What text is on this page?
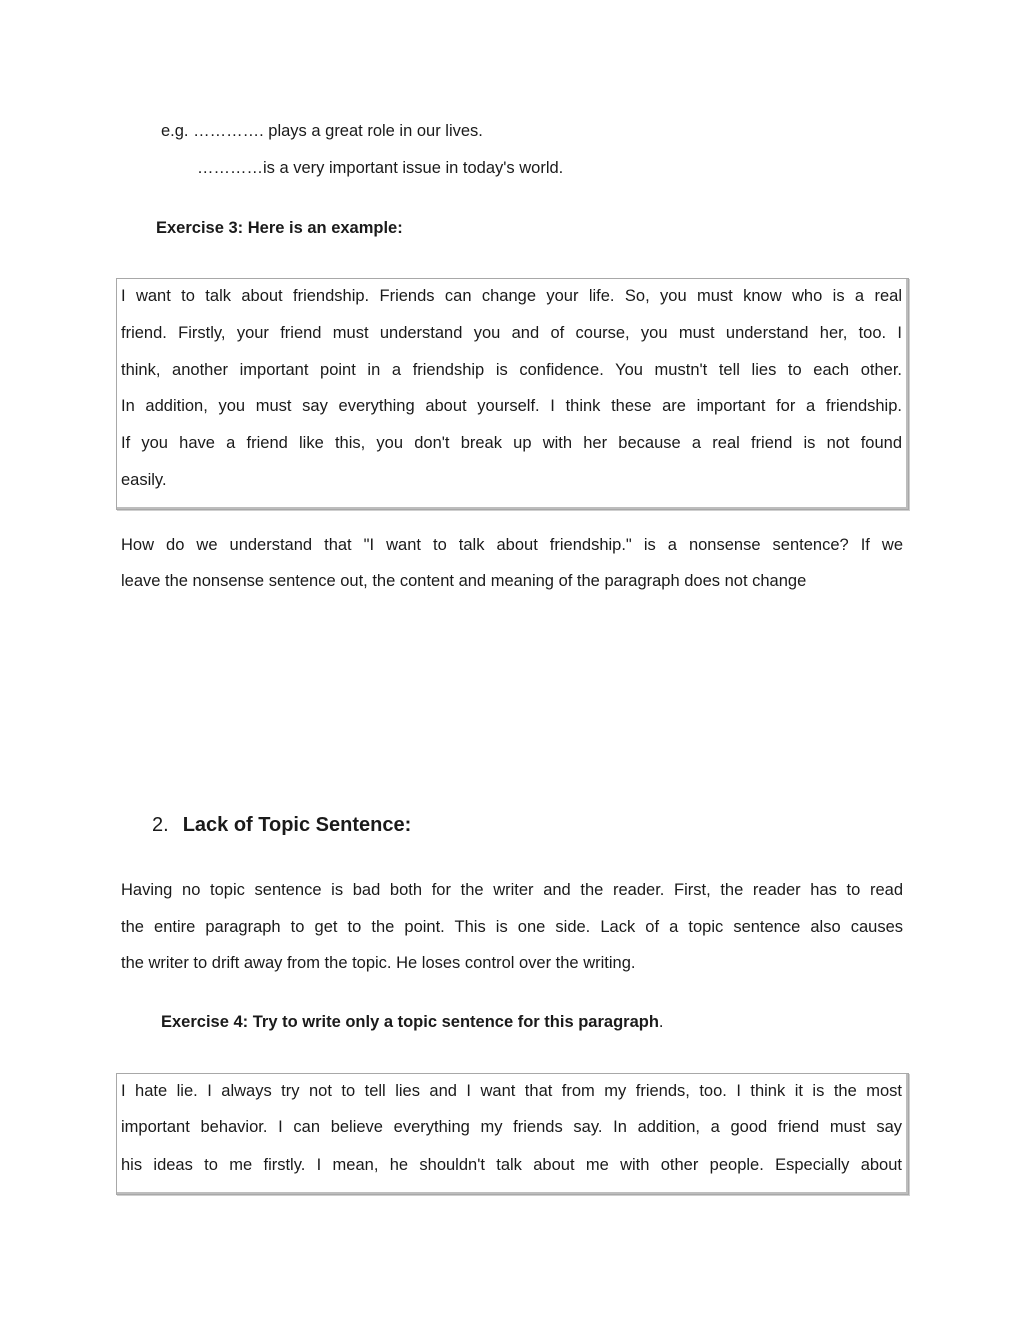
e.g. …………. plays a great role in our lives.
…………is a very important issue in today's world.
Exercise 3: Here is an example:
I want to talk about friendship. Friends can change your life. So, you must know who is a real
friend. Firstly, your friend must understand you and of course, you must understand her, too. I
think, another important point in a friendship is confidence. You mustn't tell lies to each other.
In addition, you must say everything about yourself. I think these are important for a friendship.
If you have a friend like this, you don't break up with her because a real friend is not found
easily.
How do we understand that "I want to talk about friendship." is a nonsense sentence? If we
leave the nonsense sentence out, the content and meaning of the paragraph does not change
2. Lack of Topic Sentence:
Having no topic sentence is bad both for the writer and the reader. First, the reader has to read
the entire paragraph to get to the point. This is one side. Lack of a topic sentence also causes
the writer to drift away from the topic. He loses control over the writing.
Exercise 4: Try to write only a topic sentence for this paragraph.
I hate lie. I always try not to tell lies and I want that from my friends, too. I think it is the most
important behavior. I can believe everything my friends say. In addition, a good friend must say
his ideas to me firstly. I mean, he shouldn't talk about me with other people. Especially about
